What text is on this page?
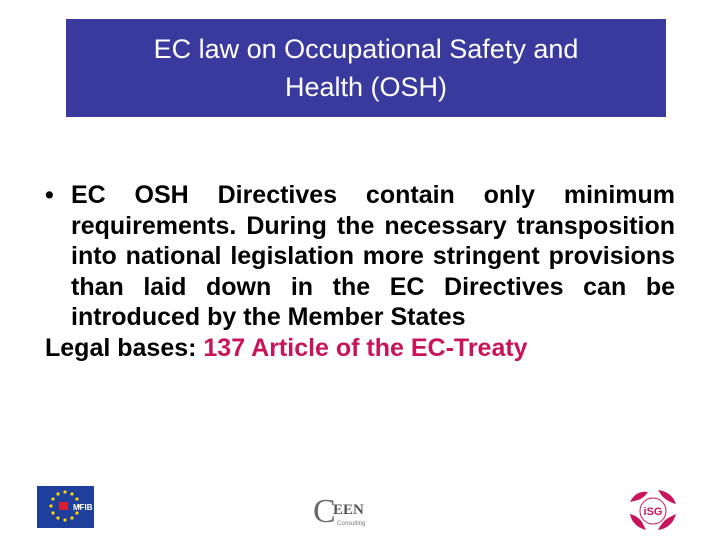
EC law on Occupational Safety and
Health (OSH)
• EC OSH Directives contain only minimum requirements. During the necessary transposition into national legislation more stringent provisions than laid down in the EC Directives can be introduced by the Member States
Legal bases: 137 Article of the EC-Treaty
MFIB	C
EEN
Consulting
iSG
